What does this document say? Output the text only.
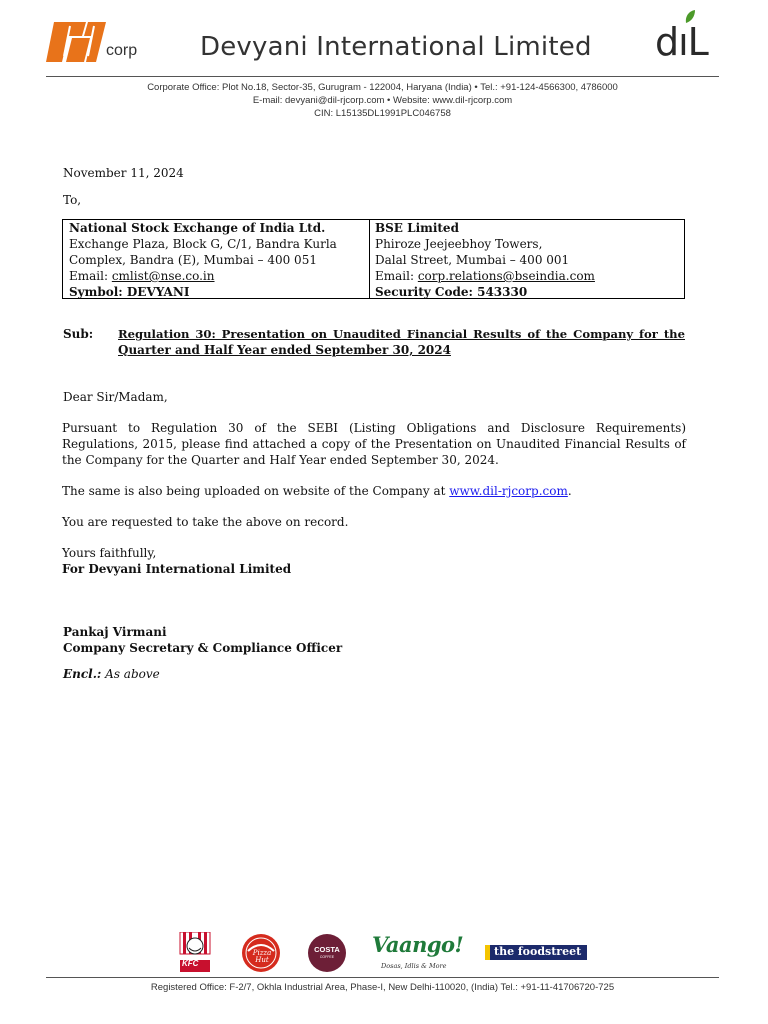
corp Devyani International Limited dıL
Corporate Office: Plot No.18, Sector-35, Gurugram - 122004, Haryana (India) • Tel.: +91-124-4566300, 4786000
E-mail: devyani@dil-rjcorp.com • Website: www.dil-rjcorp.com
CIN: L15135DL1991PLC046758
November 11, 2024
To,
National Stock Exchange of India Ltd.
Exchange Plaza, Block G, C/1, Bandra Kurla
Complex, Bandra (E), Mumbai – 400 051
Email: cmlist@nse.co.in
Symbol: DEVYANI
BSE Limited
Phiroze Jeejeebhoy Towers,
Dalal Street, Mumbai – 400 001
Email: corp.relations@bseindia.com
Security Code: 543330
Sub: Regulation 30: Presentation on Unaudited Financial Results of the Company for the
Quarter and Half Year ended September 30, 2024
Dear Sir/Madam,
Pursuant to Regulation 30 of the SEBI (Listing Obligations and Disclosure Requirements) Regulations, 2015, please find attached a copy of the Presentation on Unaudited Financial Results of the Company for the Quarter and Half Year ended September 30, 2024.
The same is also being uploaded on website of the Company at www.dil-rjcorp.com.
You are requested to take the above on record.
Yours faithfully,
For Devyani International Limited
Pankaj Virmani
Company Secretary & Compliance Officer
Encl.: As above
KFC
Pizza Hut
COSTA
COFFEE	Vaango!
Dosas, Idlis & More
the foodstreet
Registered Office: F-2/7, Okhla Industrial Area, Phase-I, New Delhi-110020, (India) Tel.: +91-11-41706720-725
